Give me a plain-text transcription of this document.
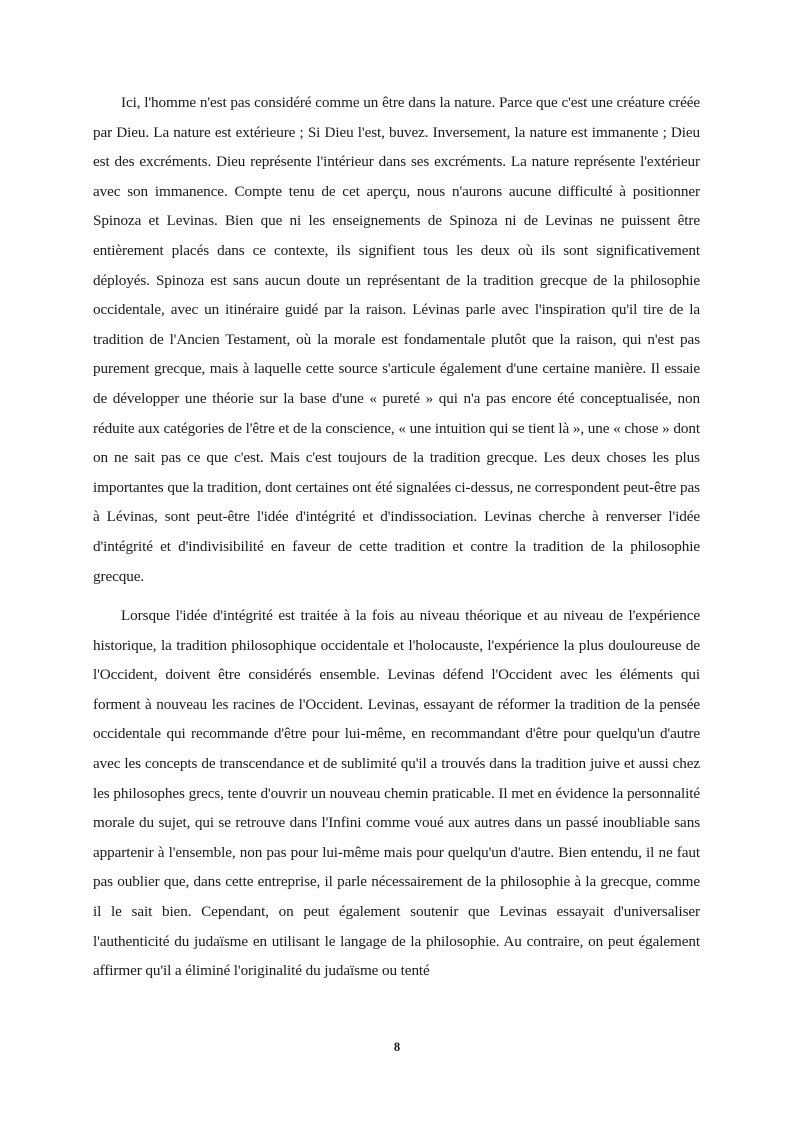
Ici, l'homme n'est pas considéré comme un être dans la nature. Parce que c'est une créature créée par Dieu. La nature est extérieure ; Si Dieu l'est, buvez. Inversement, la nature est immanente ; Dieu est des excréments. Dieu représente l'intérieur dans ses excréments. La nature représente l'extérieur avec son immanence. Compte tenu de cet aperçu, nous n'aurons aucune difficulté à positionner Spinoza et Levinas. Bien que ni les enseignements de Spinoza ni de Levinas ne puissent être entièrement placés dans ce contexte, ils signifient tous les deux où ils sont significativement déployés. Spinoza est sans aucun doute un représentant de la tradition grecque de la philosophie occidentale, avec un itinéraire guidé par la raison. Lévinas parle avec l'inspiration qu'il tire de la tradition de l'Ancien Testament, où la morale est fondamentale plutôt que la raison, qui n'est pas purement grecque, mais à laquelle cette source s'articule également d'une certaine manière. Il essaie de développer une théorie sur la base d'une « pureté » qui n'a pas encore été conceptualisée, non réduite aux catégories de l'être et de la conscience, « une intuition qui se tient là », une « chose » dont on ne sait pas ce que c'est. Mais c'est toujours de la tradition grecque. Les deux choses les plus importantes que la tradition, dont certaines ont été signalées ci-dessus, ne correspondent peut-être pas à Lévinas, sont peut-être l'idée d'intégrité et d'indissociation. Levinas cherche à renverser l'idée d'intégrité et d'indivisibilité en faveur de cette tradition et contre la tradition de la philosophie grecque.

Lorsque l'idée d'intégrité est traitée à la fois au niveau théorique et au niveau de l'expérience historique, la tradition philosophique occidentale et l'holocauste, l'expérience la plus douloureuse de l'Occident, doivent être considérés ensemble. Levinas défend l'Occident avec les éléments qui forment à nouveau les racines de l'Occident. Levinas, essayant de réformer la tradition de la pensée occidentale qui recommande d'être pour lui-même, en recommandant d'être pour quelqu'un d'autre avec les concepts de transcendance et de sublimité qu'il a trouvés dans la tradition juive et aussi chez les philosophes grecs, tente d'ouvrir un nouveau chemin praticable. Il met en évidence la personnalité morale du sujet, qui se retrouve dans l'Infini comme voué aux autres dans un passé inoubliable sans appartenir à l'ensemble, non pas pour lui-même mais pour quelqu'un d'autre. Bien entendu, il ne faut pas oublier que, dans cette entreprise, il parle nécessairement de la philosophie à la grecque, comme il le sait bien. Cependant, on peut également soutenir que Levinas essayait d'universaliser l'authenticité du judaïsme en utilisant le langage de la philosophie. Au contraire, on peut également affirmer qu'il a éliminé l'originalité du judaïsme ou tenté

8
